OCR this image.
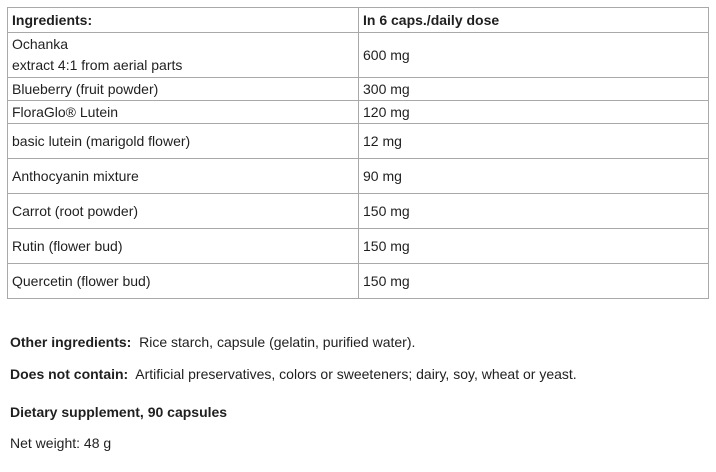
Ingredients:	In 6 caps./daily dose

Ochanka
extract 4:1 from aerial parts	600 mg
Blueberry (fruit powder)	300 mg
FloraGlo® Lutein	120 mg
basic lutein (marigold flower)	12 mg
Anthocyanin mixture	90 mg
Carrot (root powder)	150 mg
Rutin (flower bud)	150 mg
Quercetin (flower bud)	150 mg

Other ingredients: Rice starch, capsule (gelatin, purified water).

Does not contain: Artificial preservatives, colors or sweeteners; dairy, soy, wheat or yeast.

Dietary supplement, 90 capsules

Net weight: 48 g
